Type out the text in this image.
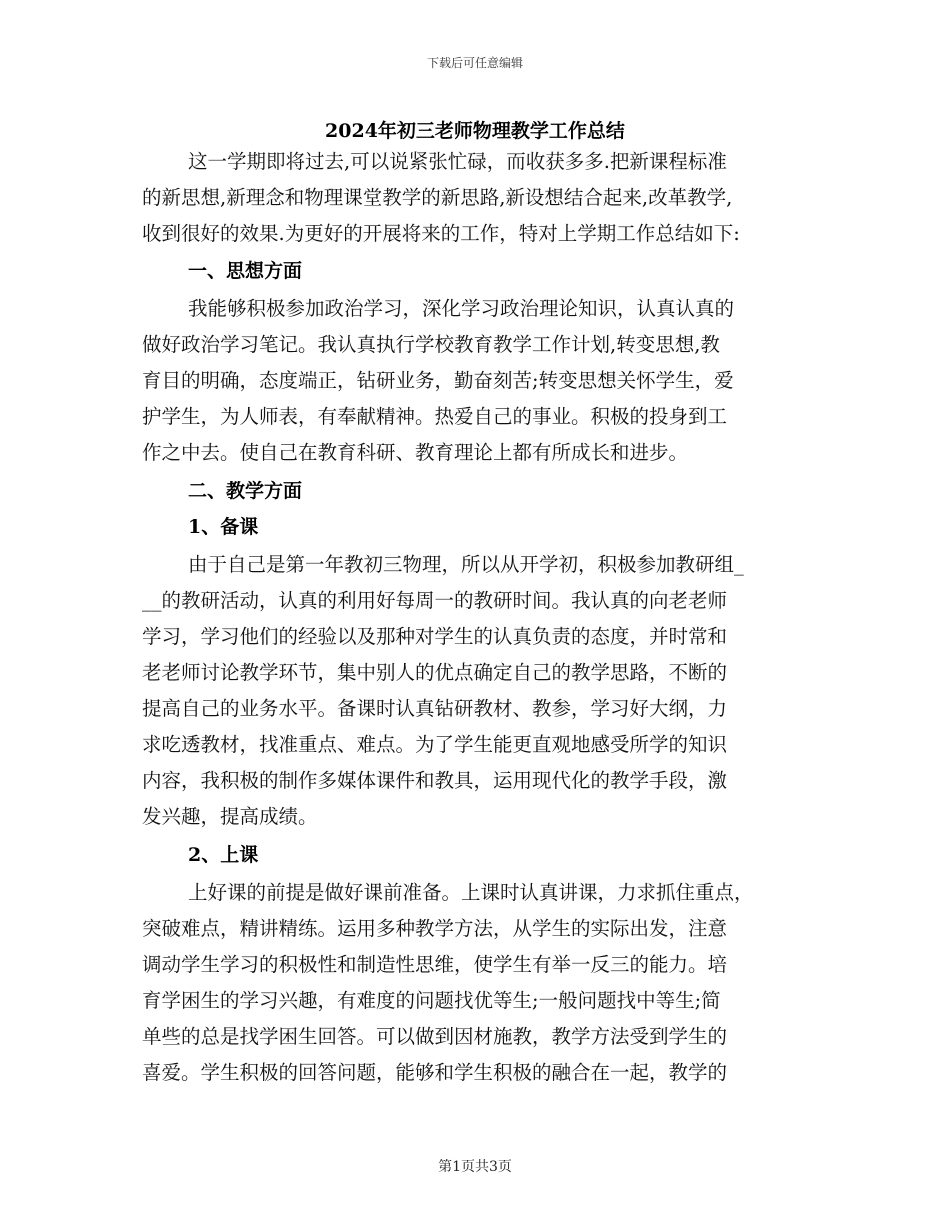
下载后可任意编辑
2024年初三老师物理教学工作总结
这一学期即将过去,可以说紧张忙碌，而收获多多.把新课程标准
的新思想,新理念和物理课堂教学的新思路,新设想结合起来,改革教学,
收到很好的效果.为更好的开展将来的工作，特对上学期工作总结如下:
一、思想方面
我能够积极参加政治学习，深化学习政治理论知识，认真认真的
做好政治学习笔记。我认真执行学校教育教学工作计划,转变思想,教
育目的明确，态度端正，钻研业务，勤奋刻苦;转变思想关怀学生，爱
护学生，为人师表，有奉献精神。热爱自己的事业。积极的投身到工
作之中去。使自己在教育科研、教育理论上都有所成长和进步。
二、教学方面
1、备课
由于自己是第一年教初三物理，所以从开学初，积极参加教研组_
__的教研活动，认真的利用好每周一的教研时间。我认真的向老老师
学习，学习他们的经验以及那种对学生的认真负责的态度，并时常和
老老师讨论教学环节，集中别人的优点确定自己的教学思路，不断的
提高自己的业务水平。备课时认真钻研教材、教参，学习好大纲，力
求吃透教材，找准重点、难点。为了学生能更直观地感受所学的知识
内容，我积极的制作多媒体课件和教具，运用现代化的教学手段，激
发兴趣，提高成绩。
2、上课
上好课的前提是做好课前准备。上课时认真讲课，力求抓住重点，
突破难点，精讲精练。运用多种教学方法，从学生的实际出发，注意
调动学生学习的积极性和制造性思维，使学生有举一反三的能力。培
育学困生的学习兴趣，有难度的问题找优等生;一般问题找中等生;简
单些的总是找学困生回答。可以做到因材施教，教学方法受到学生的
喜爱。学生积极的回答问题，能够和学生积极的融合在一起，教学的
第1页共3页
